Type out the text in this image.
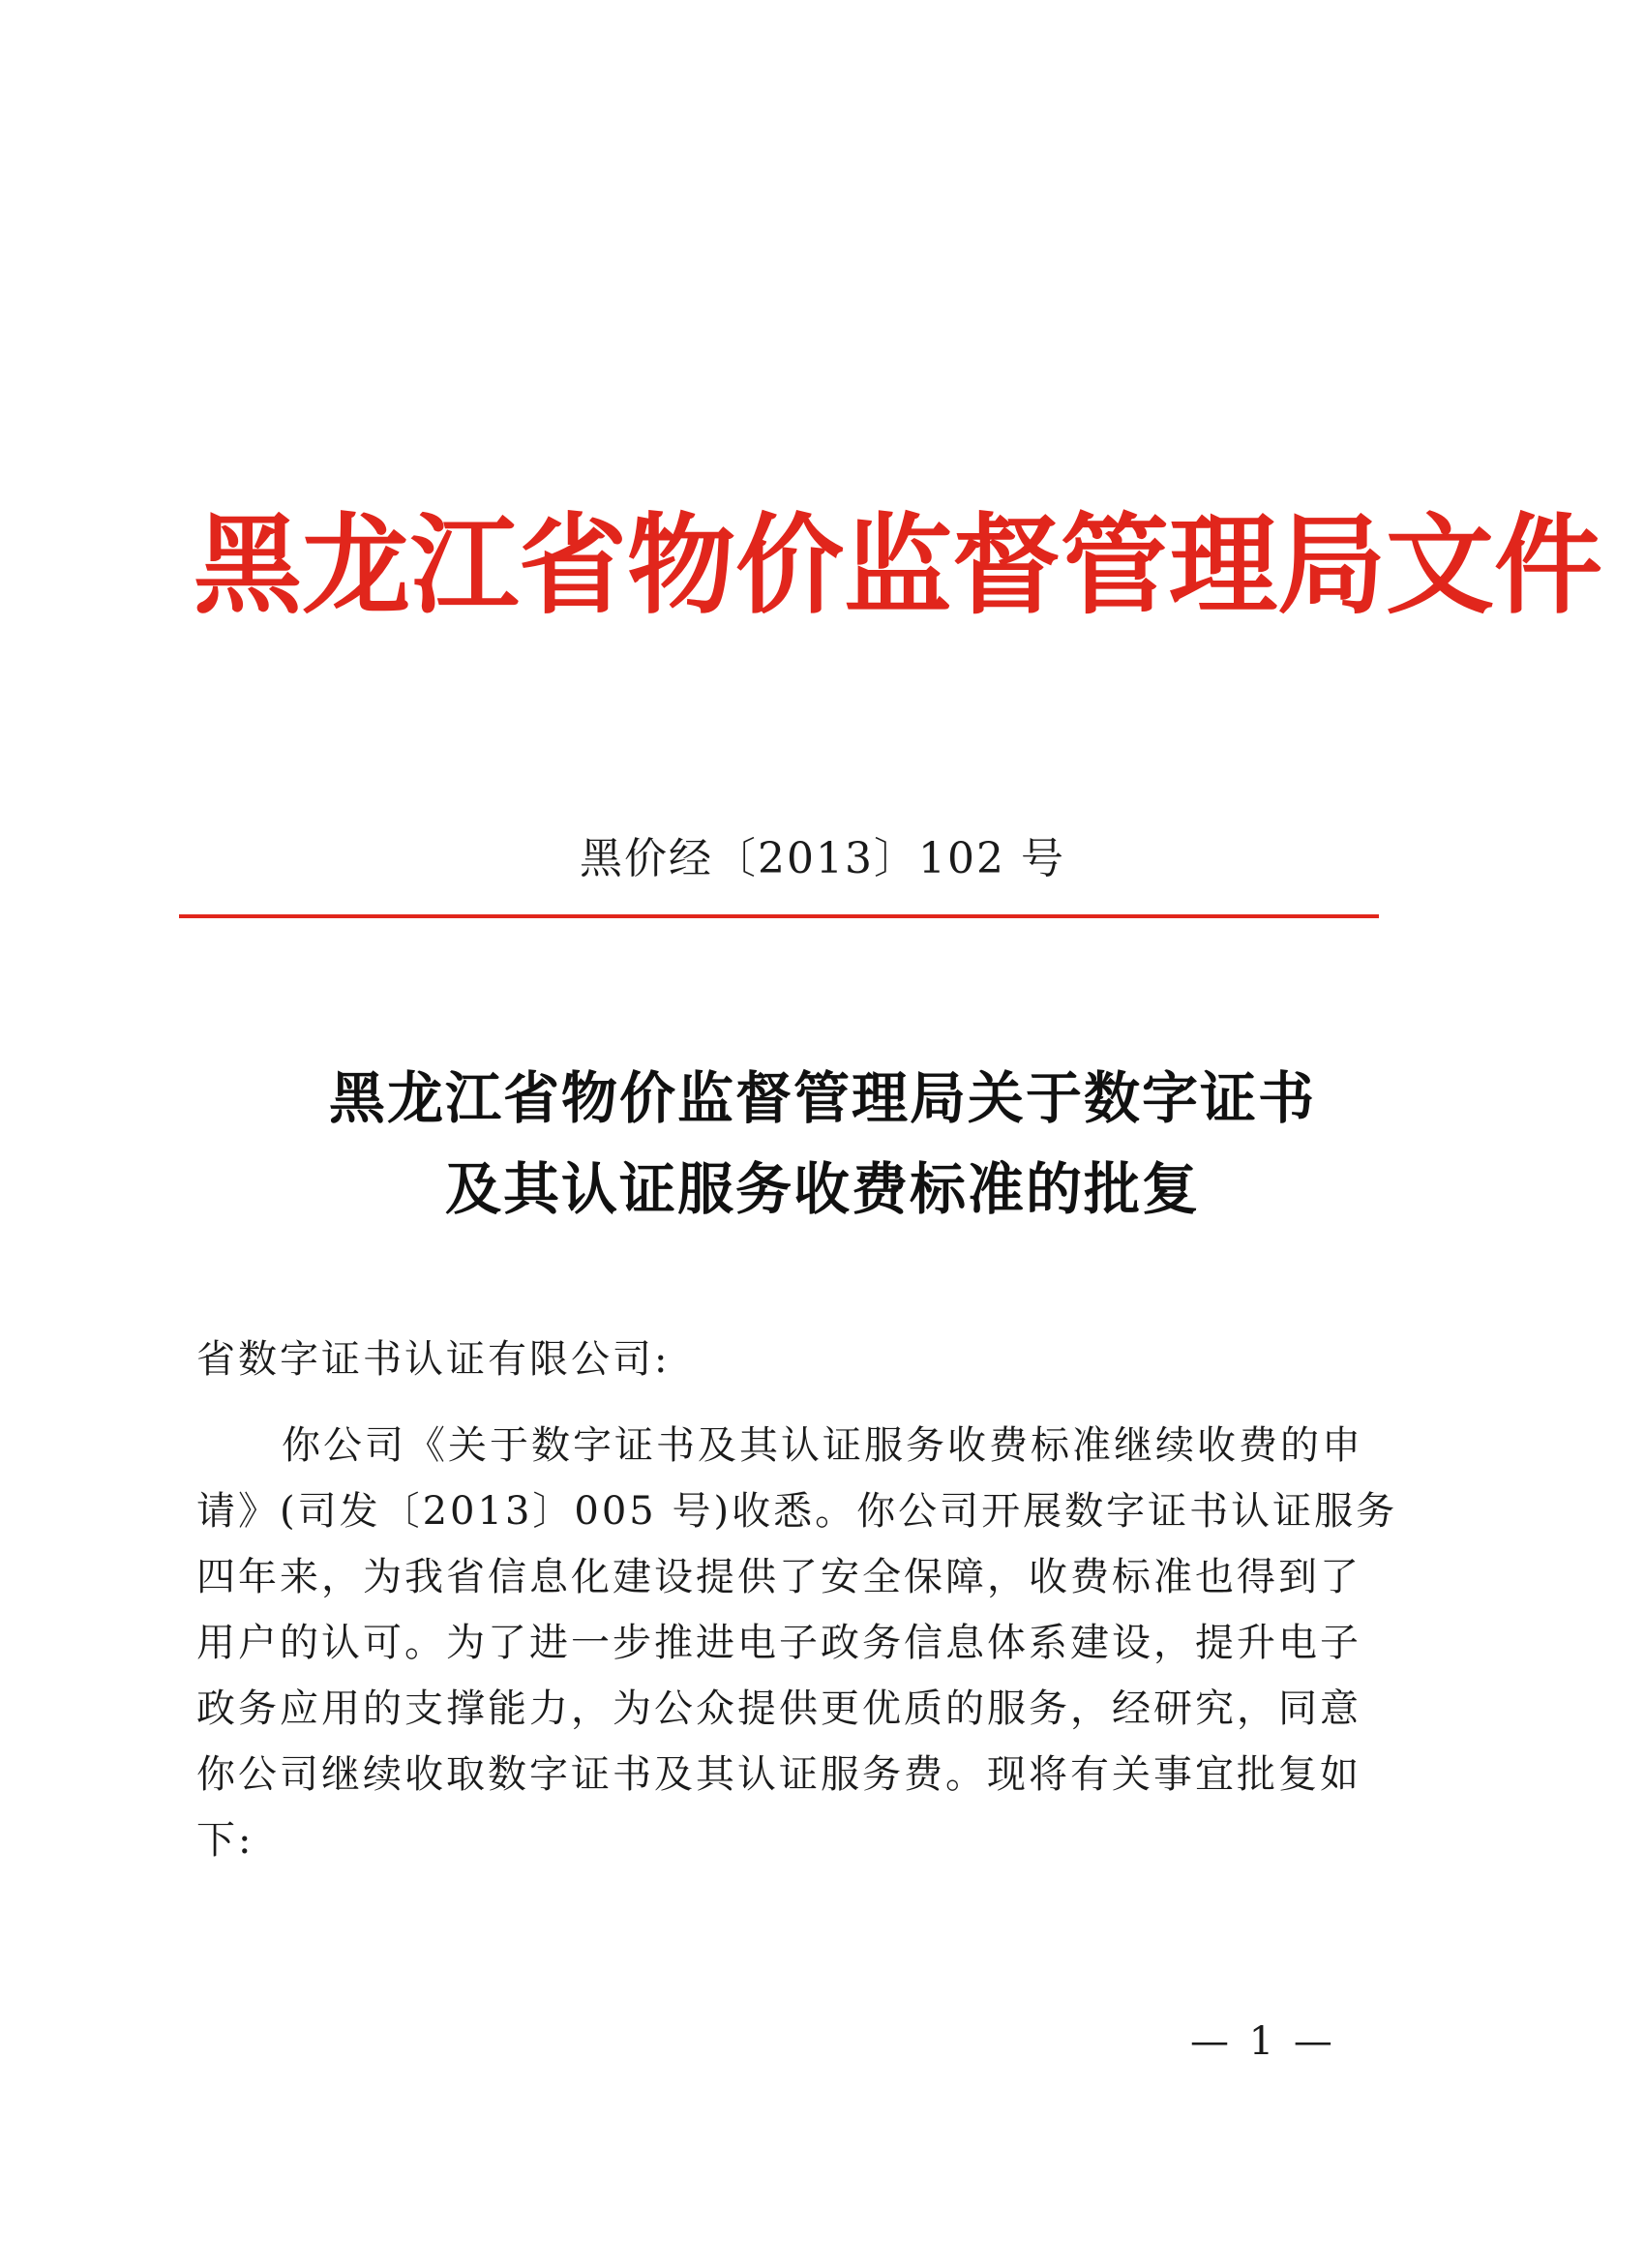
黑龙江省物价监督管理局文件
黑价经〔2013〕102 号
黑龙江省物价监督管理局关于数字证书
及其认证服务收费标准的批复
省数字证书认证有限公司:
你公司《关于数字证书及其认证服务收费标准继续收费的申
请》(司发〔2013〕005 号)收悉。你公司开展数字证书认证服务
四年来，为我省信息化建设提供了安全保障，收费标准也得到了
用户的认可。为了进一步推进电子政务信息体系建设，提升电子
政务应用的支撑能力，为公众提供更优质的服务，经研究，同意
你公司继续收取数字证书及其认证服务费。现将有关事宜批复如
下:
— 1 —
